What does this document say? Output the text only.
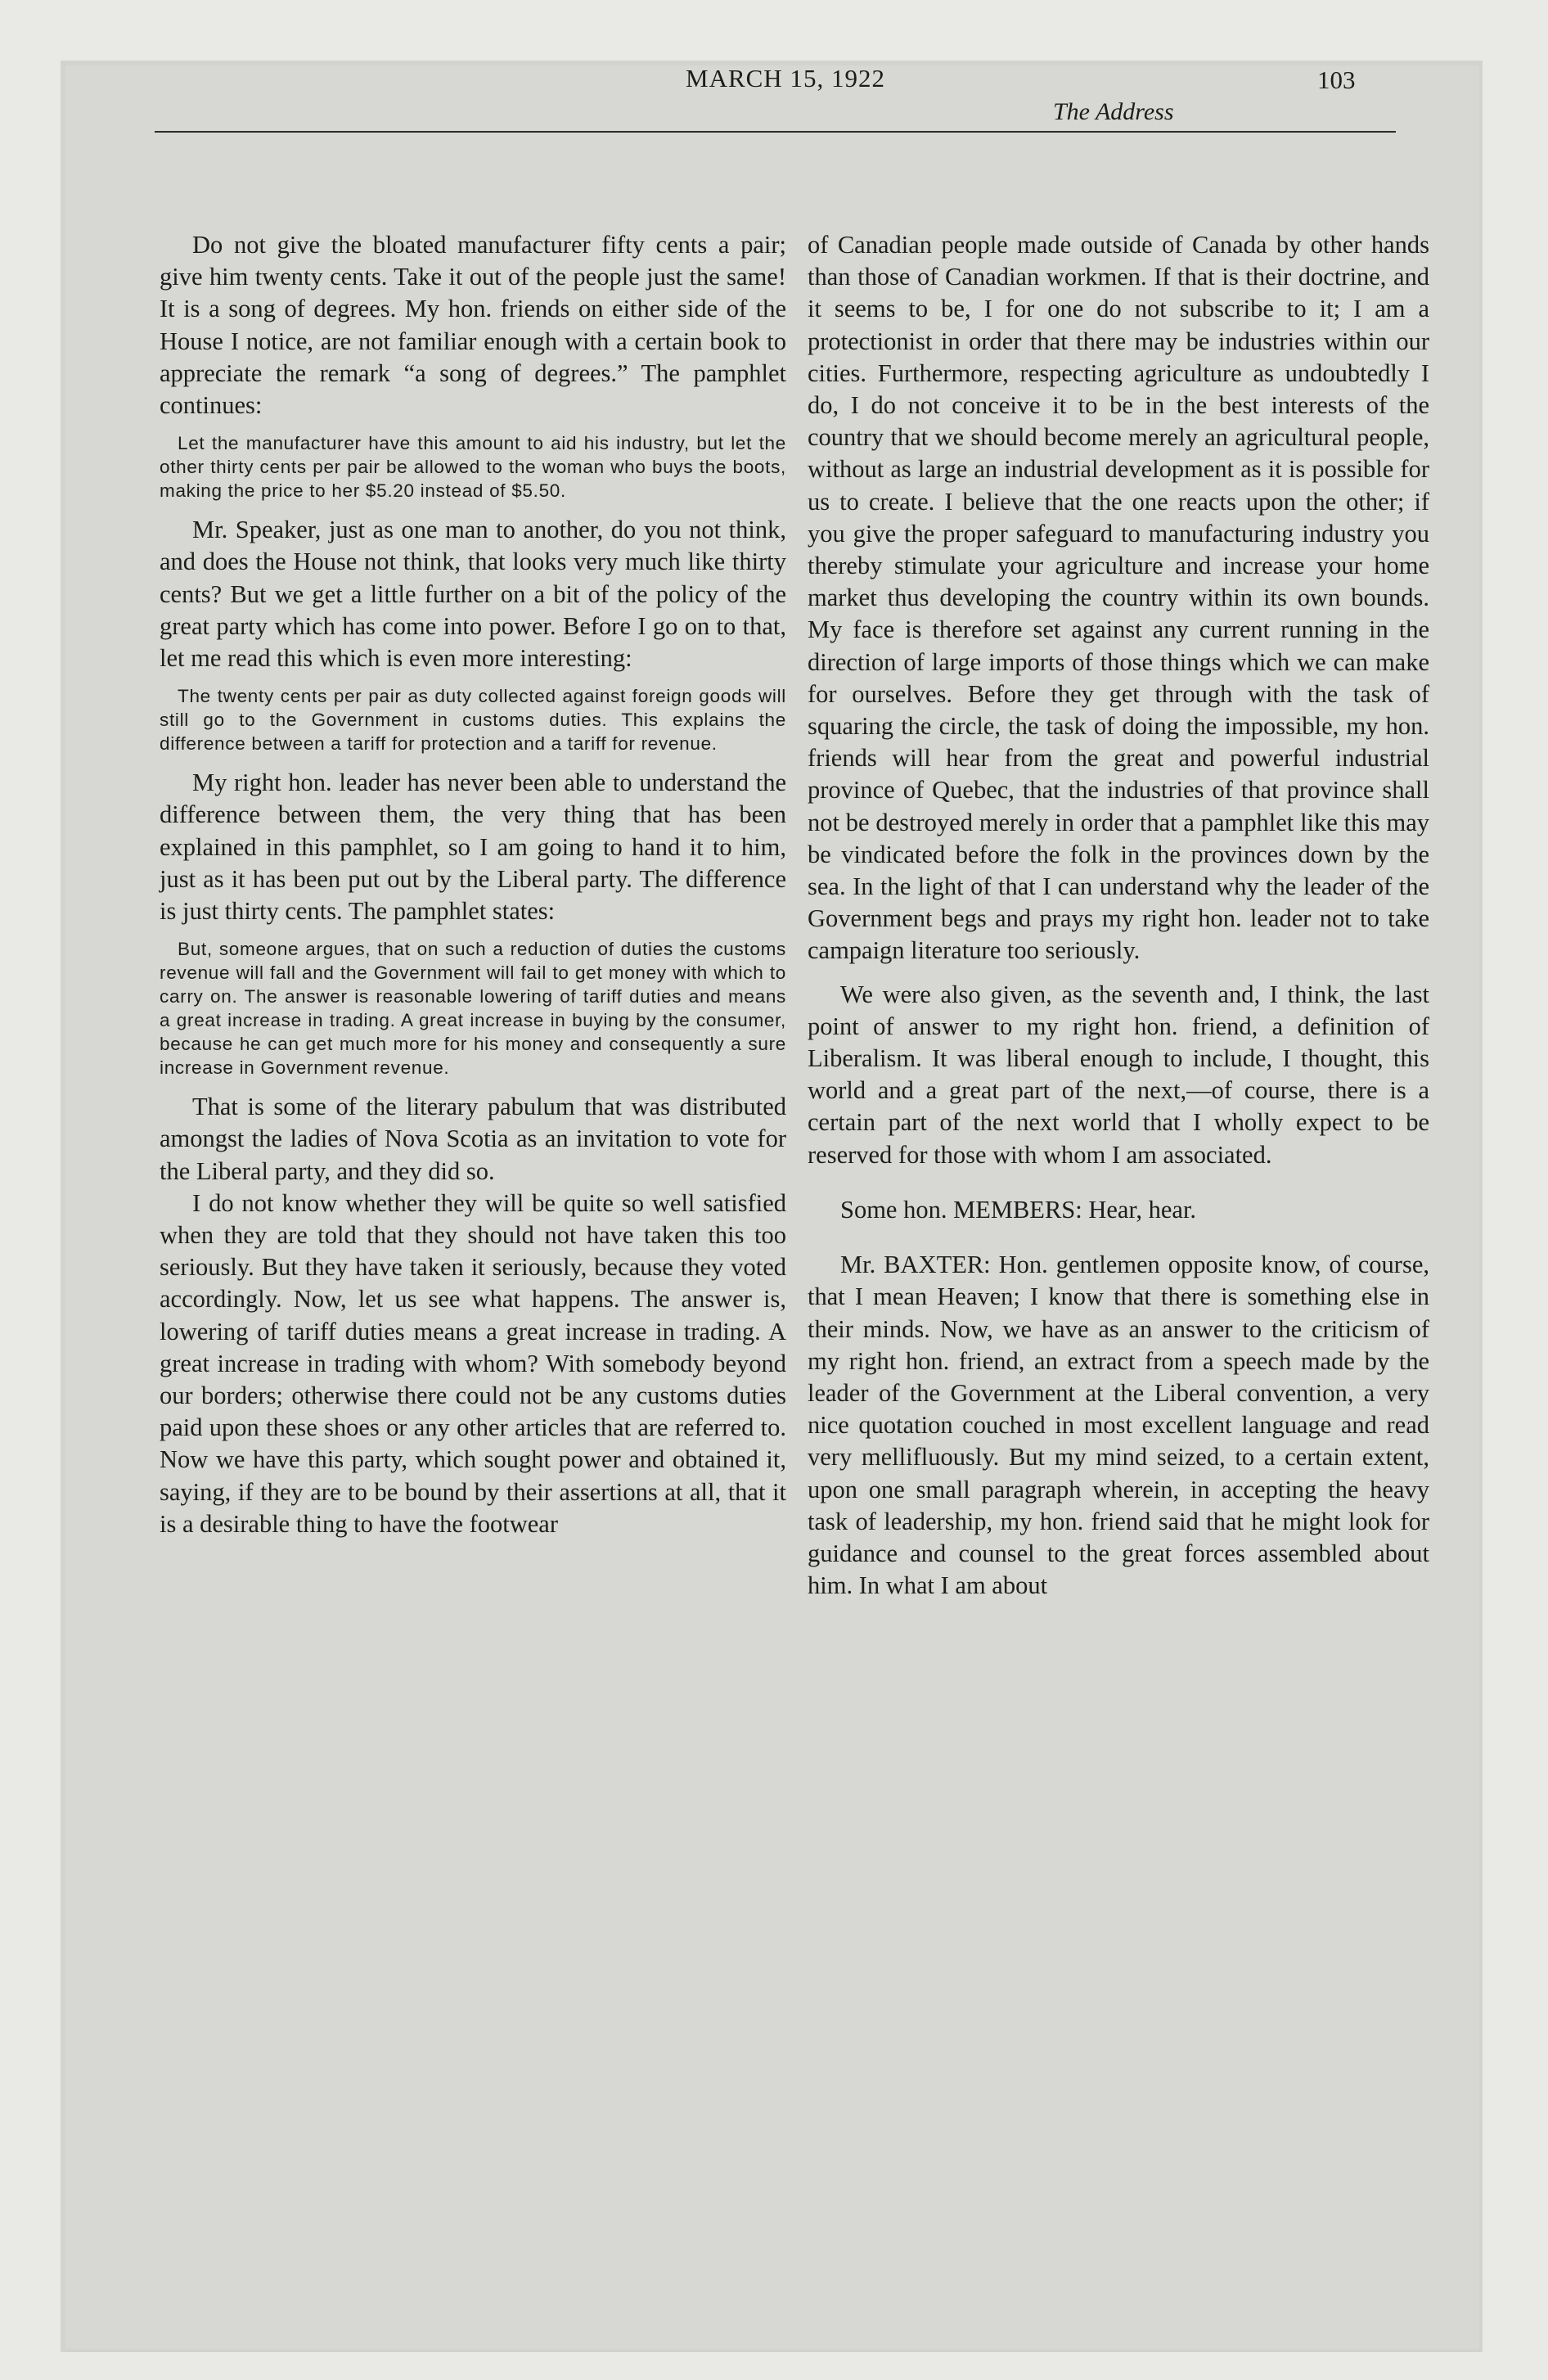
MARCH 15, 1922
The Address
103

Do not give the bloated manufacturer fifty cents a pair; give him twenty cents. Take it out of the people just the same! It is a song of degrees. My hon. friends on either side of the House I notice, are not familiar enough with a certain book to appreciate the remark “a song of degrees.” The pamphlet continues:

Let the manufacturer have this amount to aid his industry, but let the other thirty cents per pair be allowed to the woman who buys the boots, making the price to her $5.20 instead of $5.50.

Mr. Speaker, just as one man to another, do you not think, and does the House not think, that looks very much like thirty cents? But we get a little further on a bit of the policy of the great party which has come into power. Before I go on to that, let me read this which is even more interesting:

The twenty cents per pair as duty collected against foreign goods will still go to the Government in customs duties. This explains the difference between a tariff for protection and a tariff for revenue.

My right hon. leader has never been able to understand the difference between them, the very thing that has been explained in this pamphlet, so I am going to hand it to him, just as it has been put out by the Liberal party. The difference is just thirty cents. The pamphlet states:

But, someone argues, that on such a reduction of duties the customs revenue will fall and the Government will fail to get money with which to carry on. The answer is reasonable lowering of tariff duties and means a great increase in trading. A great increase in buying by the consumer, because he can get much more for his money and consequently a sure increase in Government revenue.

That is some of the literary pabulum that was distributed amongst the ladies of Nova Scotia as an invitation to vote for the Liberal party, and they did so.

I do not know whether they will be quite so well satisfied when they are told that they should not have taken this too seriously. But they have taken it seriously, because they voted accordingly. Now, let us see what happens. The answer is, lowering of tariff duties means a great increase in trading. A great increase in trading with whom? With somebody beyond our borders; otherwise there could not be any customs duties paid upon these shoes or any other articles that are referred to. Now we have this party, which sought power and obtained it, saying, if they are to be bound by their assertions at all, that it is a desirable thing to have the footwear

of Canadian people made outside of Canada by other hands than those of Canadian workmen. If that is their doctrine, and it seems to be, I for one do not subscribe to it; I am a protectionist in order that there may be industries within our cities. Furthermore, respecting agriculture as undoubtedly I do, I do not conceive it to be in the best interests of the country that we should become merely an agricultural people, without as large an industrial development as it is possible for us to create. I believe that the one reacts upon the other; if you give the proper safeguard to manufacturing industry you thereby stimulate your agriculture and increase your home market thus developing the country within its own bounds. My face is therefore set against any current running in the direction of large imports of those things which we can make for ourselves. Before they get through with the task of squaring the circle, the task of doing the impossible, my hon. friends will hear from the great and powerful industrial province of Quebec, that the industries of that province shall not be destroyed merely in order that a pamphlet like this may be vindicated before the folk in the provinces down by the sea. In the light of that I can understand why the leader of the Government begs and prays my right hon. leader not to take campaign literature too seriously.

We were also given, as the seventh and, I think, the last point of answer to my right hon. friend, a definition of Liberalism. It was liberal enough to include, I thought, this world and a great part of the next,—of course, there is a certain part of the next world that I wholly expect to be reserved for those with whom I am associated.

Some hon. MEMBERS: Hear, hear.

Mr. BAXTER: Hon. gentlemen opposite know, of course, that I mean Heaven; I know that there is something else in their minds. Now, we have as an answer to the criticism of my right hon. friend, an extract from a speech made by the leader of the Government at the Liberal convention, a very nice quotation couched in most excellent language and read very mellifluously. But my mind seized, to a certain extent, upon one small paragraph wherein, in accepting the heavy task of leadership, my hon. friend said that he might look for guidance and counsel to the great forces assembled about him. In what I am about
